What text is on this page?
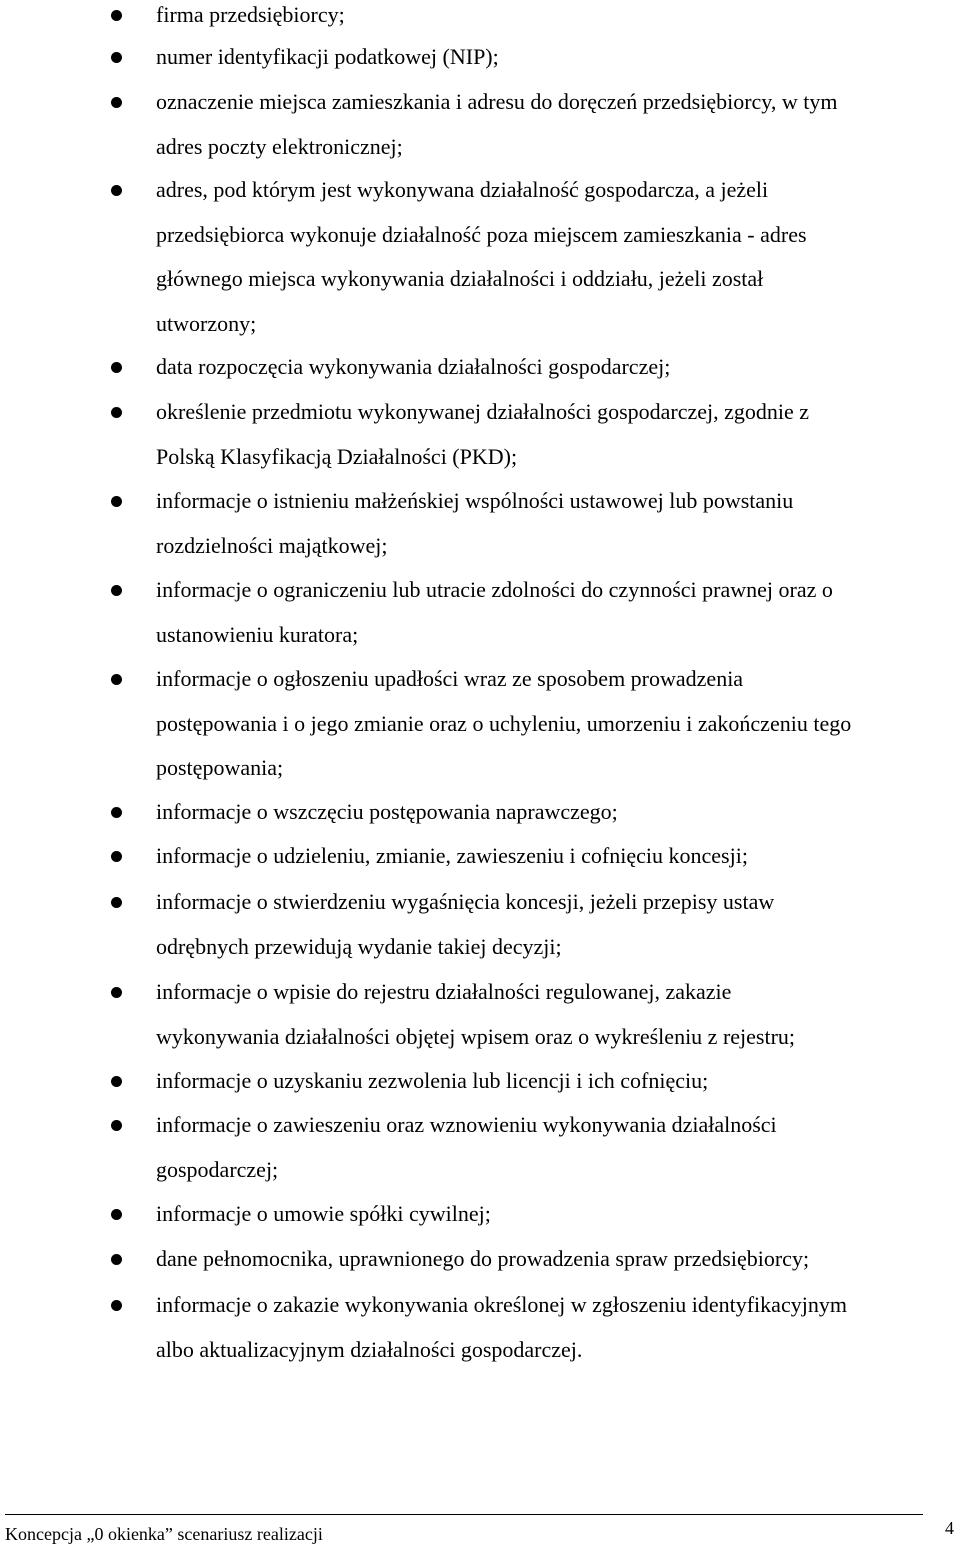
firma przedsiębiorcy;
numer identyfikacji podatkowej (NIP);
oznaczenie miejsca zamieszkania i adresu do doręczeń przedsiębiorcy, w tym
adres poczty elektronicznej;
adres, pod którym jest wykonywana działalność gospodarcza, a jeżeli
przedsiębiorca wykonuje działalność poza miejscem zamieszkania - adres
głównego miejsca wykonywania działalności i oddziału, jeżeli został
utworzony;
data rozpoczęcia wykonywania działalności gospodarczej;
określenie przedmiotu wykonywanej działalności gospodarczej, zgodnie z
Polską Klasyfikacją Działalności (PKD);
informacje o istnieniu małżeńskiej wspólności ustawowej lub powstaniu
rozdzielności majątkowej;
informacje o ograniczeniu lub utracie zdolności do czynności prawnej oraz o
ustanowieniu kuratora;
informacje o ogłoszeniu upadłości wraz ze sposobem prowadzenia
postępowania i o jego zmianie oraz o uchyleniu, umorzeniu i zakończeniu tego
postępowania;
informacje o wszczęciu postępowania naprawczego;
informacje o udzieleniu, zmianie, zawieszeniu i cofnięciu koncesji;
informacje o stwierdzeniu wygaśnięcia koncesji, jeżeli przepisy ustaw
odrębnych przewidują wydanie takiej decyzji;
informacje o wpisie do rejestru działalności regulowanej, zakazie
wykonywania działalności objętej wpisem oraz o wykreśleniu z rejestru;
informacje o uzyskaniu zezwolenia lub licencji i ich cofnięciu;
informacje o zawieszeniu oraz wznowieniu wykonywania działalności
gospodarczej;
informacje o umowie spółki cywilnej;
dane pełnomocnika, uprawnionego do prowadzenia spraw przedsiębiorcy;
informacje o zakazie wykonywania określonej w zgłoszeniu identyfikacyjnym
albo aktualizacyjnym działalności gospodarczej.
Koncepcja „0 okienka” scenariusz realizacji	4
